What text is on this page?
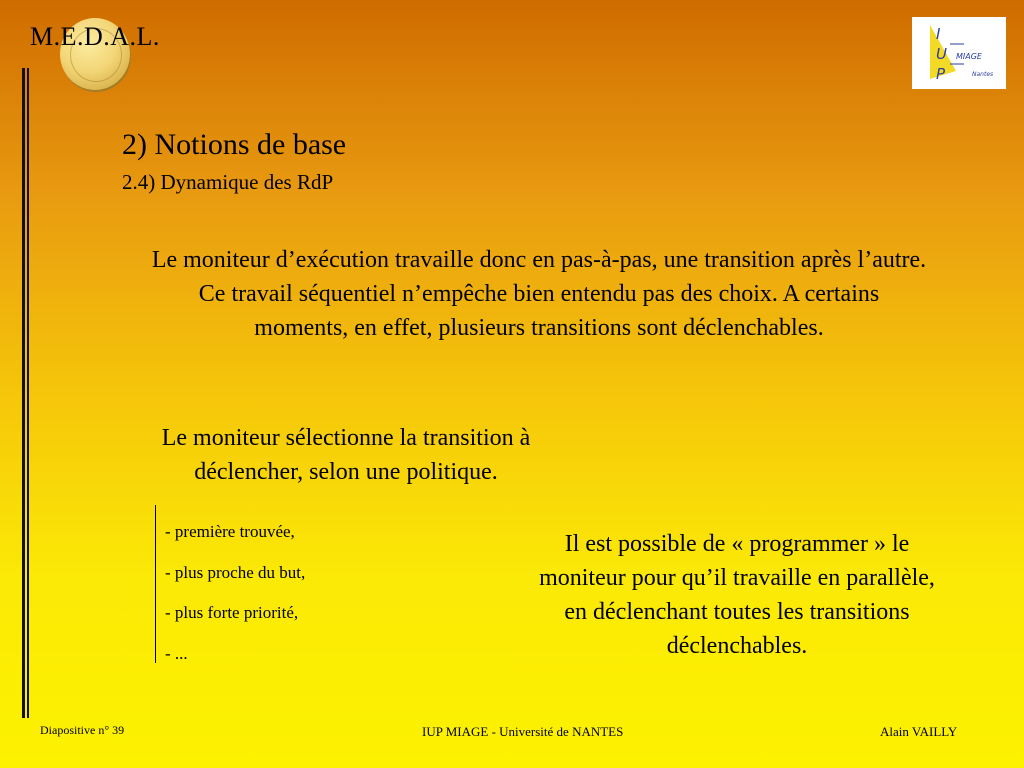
M.E.D.A.L.	I
U
P
MIAGE
Nantes
2) Notions de base
2.4) Dynamique des RdP
Le moniteur d’exécution travaille donc en pas-à-pas, une transition après l’autre. Ce travail séquentiel n’empêche bien entendu pas des choix. A certains moments, en effet, plusieurs transitions sont déclenchables.
Le moniteur sélectionne la transition à déclencher, selon une politique.
- première trouvée,
- plus proche du but,
- plus forte priorité,
- ...
Il est possible de « programmer » le moniteur pour qu’il travaille en parallèle, en déclenchant toutes les transitions déclenchables.
Diapositive n° 39	IUP MIAGE - Université de NANTES	Alain VAILLY
